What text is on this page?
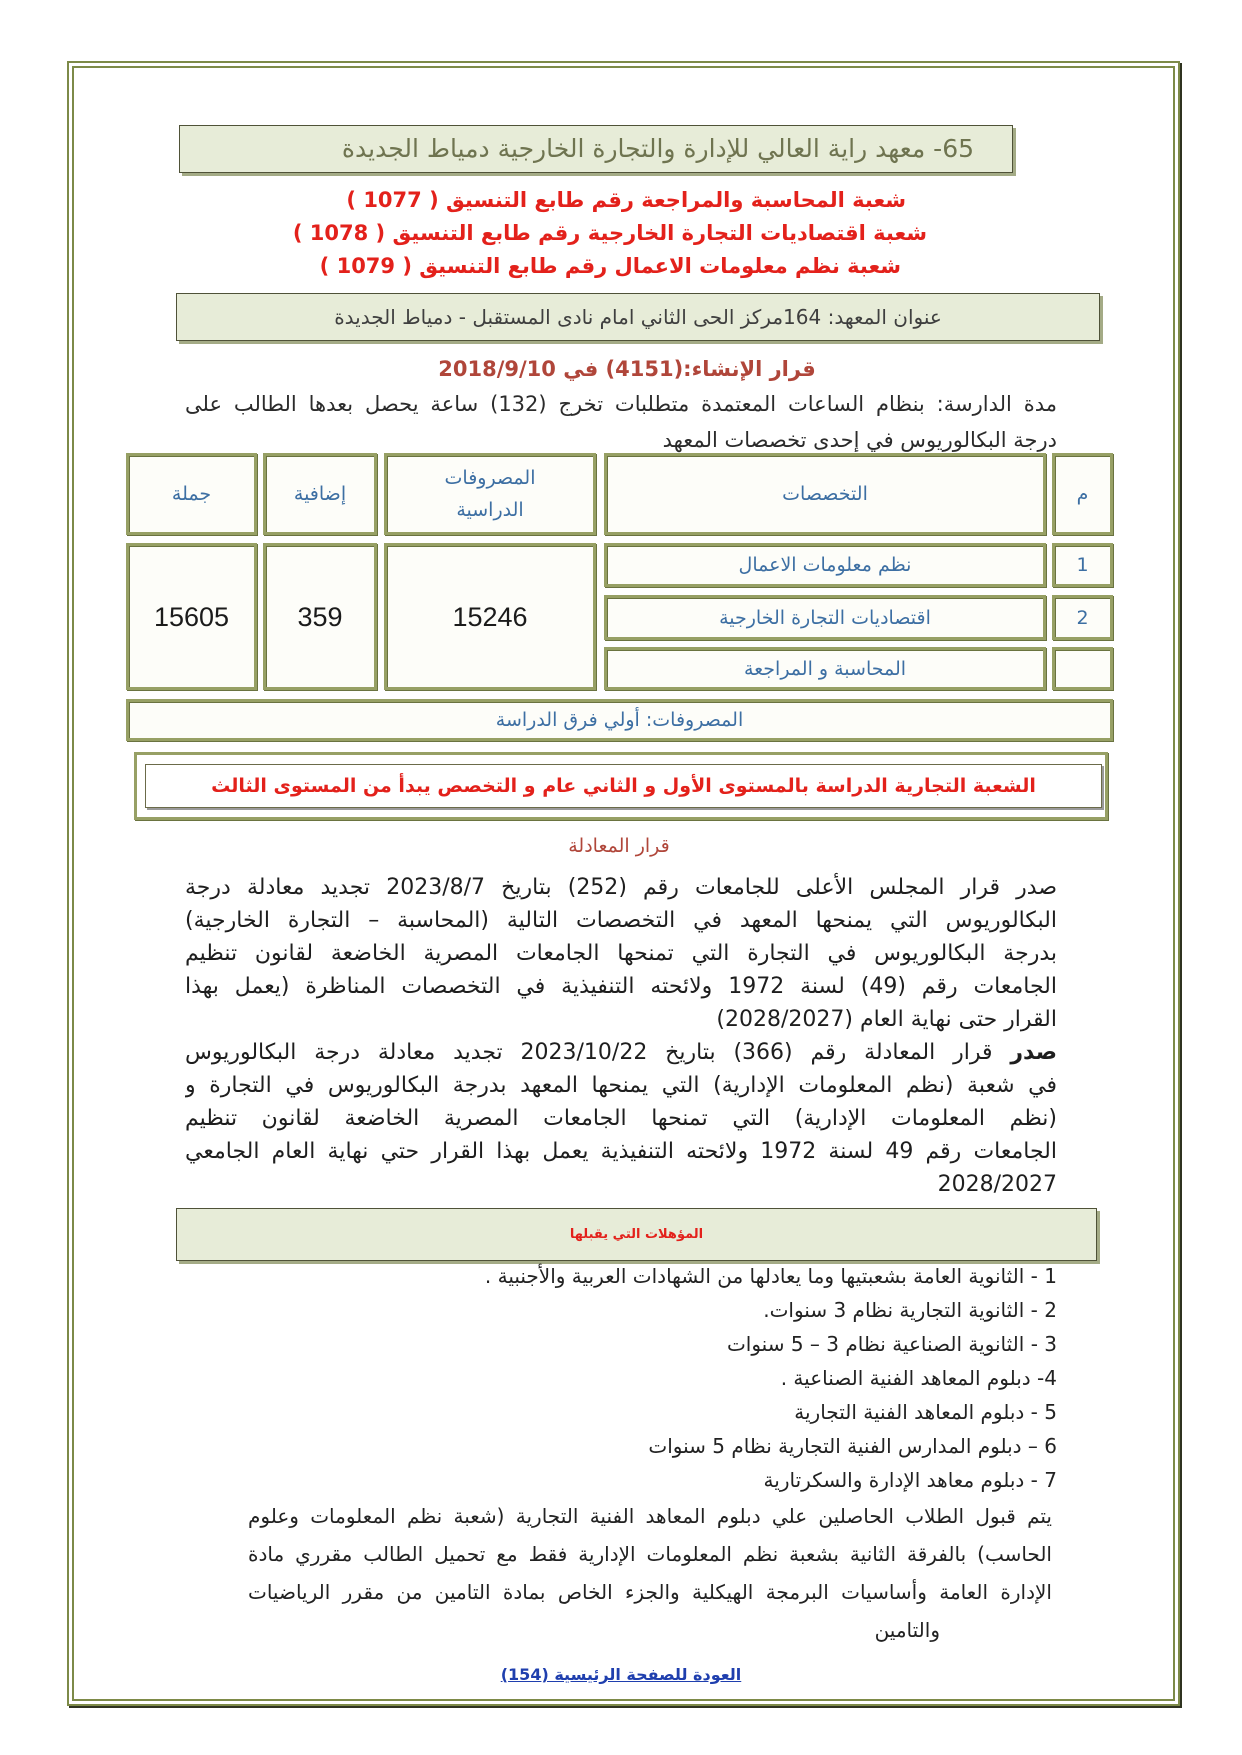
65- معهد راية العالي للإدارة والتجارة الخارجية دمياط الجديدة
شعبة المحاسبة والمراجعة رقم طابع التنسيق ( 1077 )
شعبة اقتصاديات التجارة الخارجية رقم طابع التنسيق ( 1078 )
شعبة نظم معلومات الاعمال رقم طابع التنسيق ( 1079 )
عنوان المعهد: 164مركز الحى الثاني امام نادى المستقبل - دمياط الجديدة
قرار الإنشاء:(4151) في 2018/9/10
مدة الدارسة: بنظام الساعات المعتمدة متطلبات تخرج (132) ساعة يحصل بعدها الطالب على
درجة البكالوريوس في إحدى تخصصات المعهد
م
التخصصات
المصروفات
الدراسية
إضافية
جملة
1
نظم معلومات الاعمال
2
اقتصاديات التجارة الخارجية
المحاسبة و المراجعة
15246
359
15605
المصروفات: أولي فرق الدراسة
الشعبة التجارية الدراسة بالمستوى الأول و الثاني عام و التخصص يبدأ من المستوى الثالث
قرار المعادلة
صدر قرار المجلس الأعلى للجامعات رقم (252) بتاريخ 2023/8/7 تجديد معادلة درجة
البكالوريوس التي يمنحها المعهد في التخصصات التالية (المحاسبة – التجارة الخارجية)
بدرجة البكالوريوس في التجارة التي تمنحها الجامعات المصرية الخاضعة لقانون تنظيم
الجامعات رقم (49) لسنة 1972 ولائحته التنفيذية في التخصصات المناظرة (يعمل بهذا
القرار حتى نهاية العام (2028/2027)
صدر قرار المعادلة رقم (366) بتاريخ 2023/10/22 تجديد معادلة درجة البكالوريوس
في شعبة (نظم المعلومات الإدارية) التي يمنحها المعهد بدرجة البكالوريوس في التجارة و
(نظم المعلومات الإدارية) التي تمنحها الجامعات المصرية الخاضعة لقانون تنظيم
الجامعات رقم 49 لسنة 1972 ولائحته التنفيذية يعمل بهذا القرار حتي نهاية العام الجامعي
2028/2027
المؤهلات التي يقبلها
1 - الثانوية العامة بشعبتيها وما يعادلها من الشهادات العربية والأجنبية .
2 - الثانوية التجارية نظام 3 سنوات.
3 - الثانوية الصناعية نظام 3 – 5 سنوات
4- دبلوم المعاهد الفنية الصناعية .
5 - دبلوم المعاهد الفنية التجارية
6 – دبلوم المدارس الفنية التجارية نظام 5 سنوات
7 - دبلوم معاهد الإدارة والسكرتارية
يتم قبول الطلاب الحاصلين علي دبلوم المعاهد الفنية التجارية (شعبة نظم المعلومات وعلوم
الحاسب) بالفرقة الثانية بشعبة نظم المعلومات الإدارية فقط مع تحميل الطالب مقرري مادة
الإدارة العامة وأساسيات البرمجة الهيكلية والجزء الخاص بمادة التامين من مقرر الرياضيات
والتامين
العودة للصفحة الرئيسية (154)
